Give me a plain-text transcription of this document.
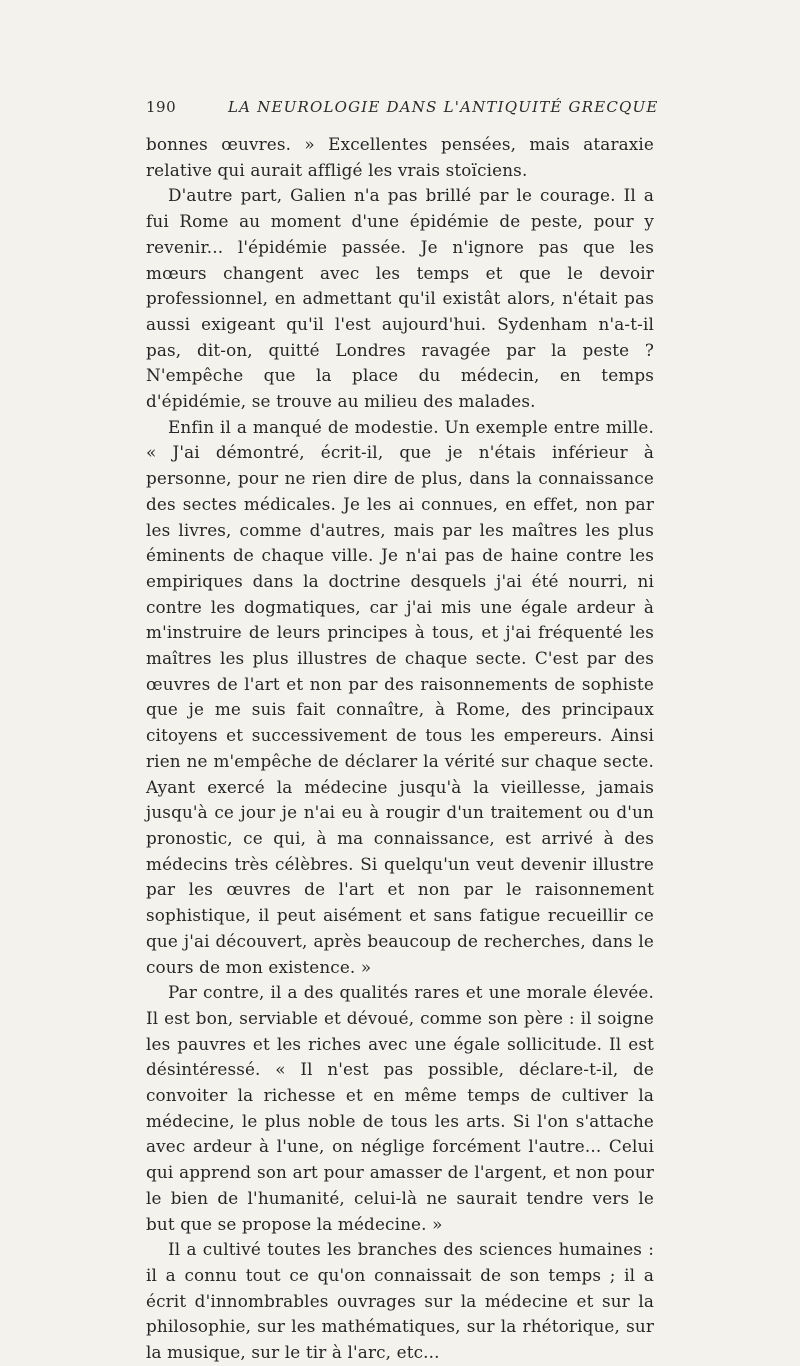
190	LA NEUROLOGIE DANS L'ANTIQUITÉ GRECQUE

bonnes œuvres. » Excellentes pensées, mais ataraxie relative qui aurait affligé les vrais stoïciens.

D'autre part, Galien n'a pas brillé par le courage. Il a fui Rome au moment d'une épidémie de peste, pour y revenir... l'épidémie passée. Je n'ignore pas que les mœurs changent avec les temps et que le devoir professionnel, en admettant qu'il existât alors, n'était pas aussi exigeant qu'il l'est aujourd'hui. Sydenham n'a-t-il pas, dit-on, quitté Londres ravagée par la peste ? N'empêche que la place du médecin, en temps d'épidémie, se trouve au milieu des malades.

Enfin il a manqué de modestie. Un exemple entre mille. « J'ai démontré, écrit-il, que je n'étais inférieur à personne, pour ne rien dire de plus, dans la connaissance des sectes médicales. Je les ai connues, en effet, non par les livres, comme d'autres, mais par les maîtres les plus éminents de chaque ville. Je n'ai pas de haine contre les empiriques dans la doctrine desquels j'ai été nourri, ni contre les dogmatiques, car j'ai mis une égale ardeur à m'instruire de leurs principes à tous, et j'ai fréquenté les maîtres les plus illustres de chaque secte. C'est par des œuvres de l'art et non par des raisonnements de sophiste que je me suis fait connaître, à Rome, des principaux citoyens et successivement de tous les empereurs. Ainsi rien ne m'empêche de déclarer la vérité sur chaque secte. Ayant exercé la médecine jusqu'à la vieillesse, jamais jusqu'à ce jour je n'ai eu à rougir d'un traitement ou d'un pronostic, ce qui, à ma connaissance, est arrivé à des médecins très célèbres. Si quelqu'un veut devenir illustre par les œuvres de l'art et non par le raisonnement sophistique, il peut aisément et sans fatigue recueillir ce que j'ai découvert, après beaucoup de recherches, dans le cours de mon existence. »

Par contre, il a des qualités rares et une morale élevée. Il est bon, serviable et dévoué, comme son père : il soigne les pauvres et les riches avec une égale sollicitude. Il est désintéressé. « Il n'est pas possible, déclare-t-il, de convoiter la richesse et en même temps de cultiver la médecine, le plus noble de tous les arts. Si l'on s'attache avec ardeur à l'une, on néglige forcément l'autre... Celui qui apprend son art pour amasser de l'argent, et non pour le bien de l'humanité, celui-là ne saurait tendre vers le but que se propose la médecine. »

Il a cultivé toutes les branches des sciences humaines : il a connu tout ce qu'on connaissait de son temps ; il a écrit d'innombrables ouvrages sur la médecine et sur la philosophie, sur les mathématiques, sur la rhétorique, sur la musique, sur le tir à l'arc, etc...
